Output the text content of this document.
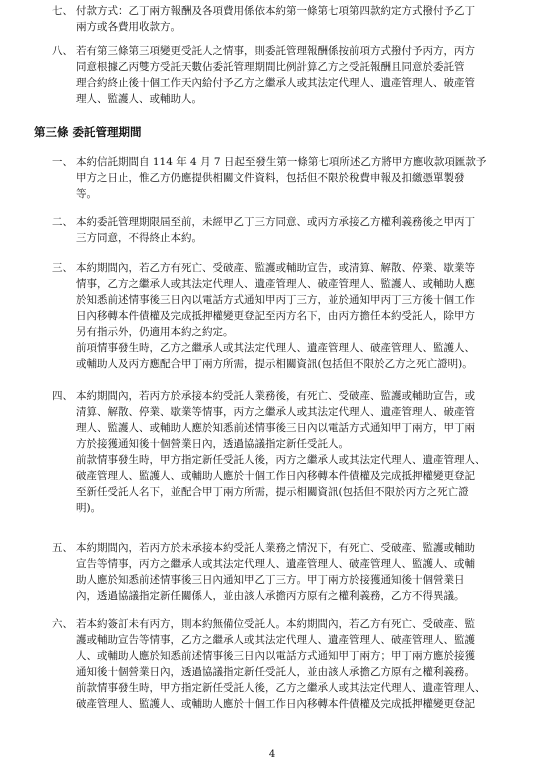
4
七、 付款方式：乙丁兩方報酬及各項費用係依本約第一條第七項第四款約定方式撥付予乙丁
兩方或各費用收款方。
八、 若有第三條第三項變更受託人之情事，則委託管理報酬係按前項方式撥付予丙方，丙方
同意根據乙丙雙方受託天數佔委託管理期間比例計算乙方之受託報酬且同意於委託管
理合約終止後十個工作天內給付予乙方之繼承人或其法定代理人、遺產管理人、破產管
理人、監護人、或輔助人。
第三條 委託管理期間
一、 本約信託期間自 114 年 4 月 7 日起至發生第一條第七項所述乙方將甲方應收款項匯款予
甲方之日止，惟乙方仍應提供相關文件資料，包括但不限於稅費申報及扣繳憑單製發
等。
二、 本約委託管理期限屆至前，未經甲乙丁三方同意、或丙方承接乙方權利義務後之甲丙丁
三方同意，不得終止本約。
三、 本約期間內，若乙方有死亡、受破產、監護或輔助宣告，或清算、解散、停業、歇業等
情事，乙方之繼承人或其法定代理人、遺產管理人、破產管理人、監護人、或輔助人應
於知悉前述情事後三日內以電話方式通知甲丙丁三方，並於通知甲丙丁三方後十個工作
日內移轉本件債權及完成抵押權變更登記至丙方名下，由丙方擔任本約受託人，除甲方
另有指示外，仍適用本約之約定。
前項情事發生時，乙方之繼承人或其法定代理人、遺產管理人、破產管理人、監護人、
或輔助人及丙方應配合甲丁兩方所需，提示相關資訊(包括但不限於乙方之死亡證明)。
四、 本約期間內，若丙方於承接本約受託人業務後，有死亡、受破產、監護或輔助宣告，或
清算、解散、停業、歇業等情事，丙方之繼承人或其法定代理人、遺產管理人、破產管
理人、監護人、或輔助人應於知悉前述情事後三日內以電話方式通知甲丁兩方，甲丁兩
方於接獲通知後十個營業日內，透過協議指定新任受託人。
前款情事發生時，甲方指定新任受託人後，丙方之繼承人或其法定代理人、遺產管理人、
破產管理人、監護人、或輔助人應於十個工作日內移轉本件債權及完成抵押權變更登記
至新任受託人名下，並配合甲丁兩方所需，提示相關資訊(包括但不限於丙方之死亡證
明)。
五、 本約期間內，若丙方於未承接本約受託人業務之情況下，有死亡、受破產、監護或輔助
宣告等情事，丙方之繼承人或其法定代理人、遺產管理人、破產管理人、監護人、或輔
助人應於知悉前述情事後三日內通知甲乙丁三方。甲丁兩方於接獲通知後十個營業日
內，透過協議指定新任關係人，並由該人承擔丙方原有之權利義務，乙方不得異議。
六、 若本約簽訂未有丙方，則本約無備位受託人。本約期間內，若乙方有死亡、受破產、監
護或輔助宣告等情事，乙方之繼承人或其法定代理人、遺產管理人、破產管理人、監護
人、或輔助人應於知悉前述情事後三日內以電話方式通知甲丁兩方；甲丁兩方應於接獲
通知後十個營業日內，透過協議指定新任受託人，並由該人承擔乙方原有之權利義務。
前款情事發生時，甲方指定新任受託人後，乙方之繼承人或其法定代理人、遺產管理人、
破產管理人、監護人、或輔助人應於十個工作日內移轉本件債權及完成抵押權變更登記
